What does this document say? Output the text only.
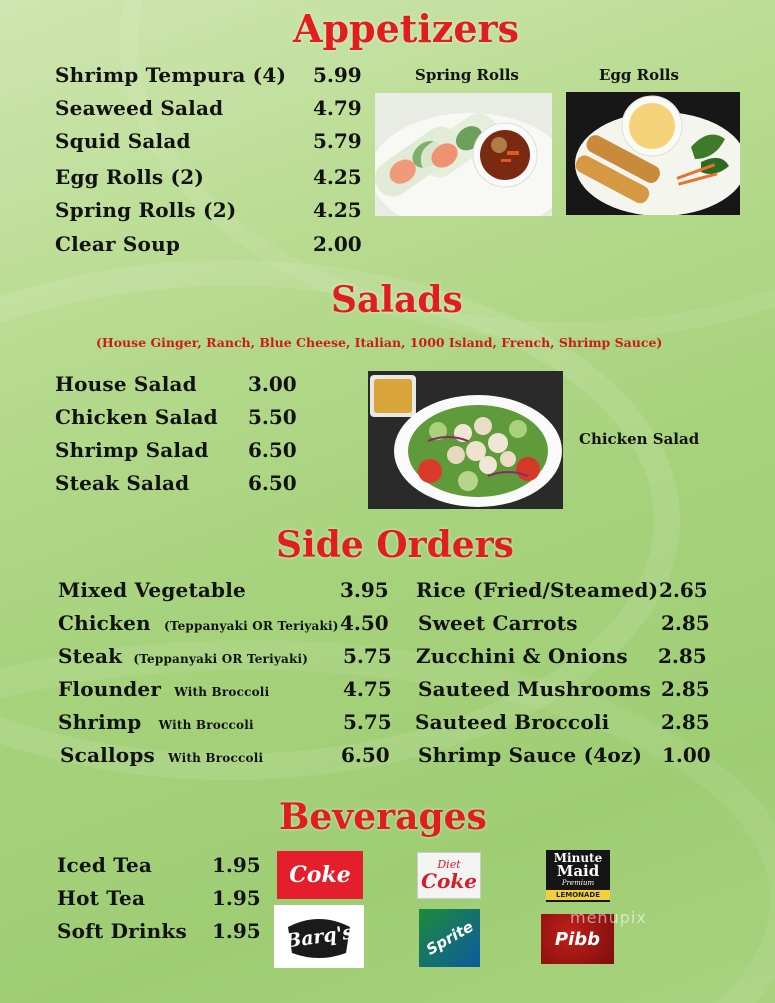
Appetizers
Shrimp Tempura (4) 5.99
Seaweed Salad	4.79
Squid Salad	5.79
Egg Rolls (2)	4.25
Spring Rolls (2)	4.25
Clear Soup	2.00
Spring Rolls	Egg Rolls
Salads
(House Ginger, Ranch, Blue Cheese, Italian, 1000 Island, French, Shrimp Sauce)
House Salad	3.00
Chicken Salad 5.50
Shrimp Salad 6.50
Steak Salad	6.50
Chicken Salad
Side Orders
Mixed Vegetable	3.95
Chicken (Teppanyaki OR Teriyaki) 4.50
Steak (Teppanyaki OR Teriyaki) 5.75
Flounder With Broccoli	4.75
Shrimp With Broccoli	5.75
Scallops With Broccoli	6.50
Rice (Fried/Steamed) 2.65
Sweet Carrots	2.85
Zucchini & Onions 2.85
Sauteed Mushrooms 2.85
Sauteed Broccoli	2.85
Shrimp Sauce (4oz) 1.00
Beverages
Iced Tea	1.95
Hot Tea	1.95
Soft Drinks 1.95
Coke	Diet
Coke
Minute
Maid
Premium
LEMONADE
Barq's	Sprite	Pibb
menupix
